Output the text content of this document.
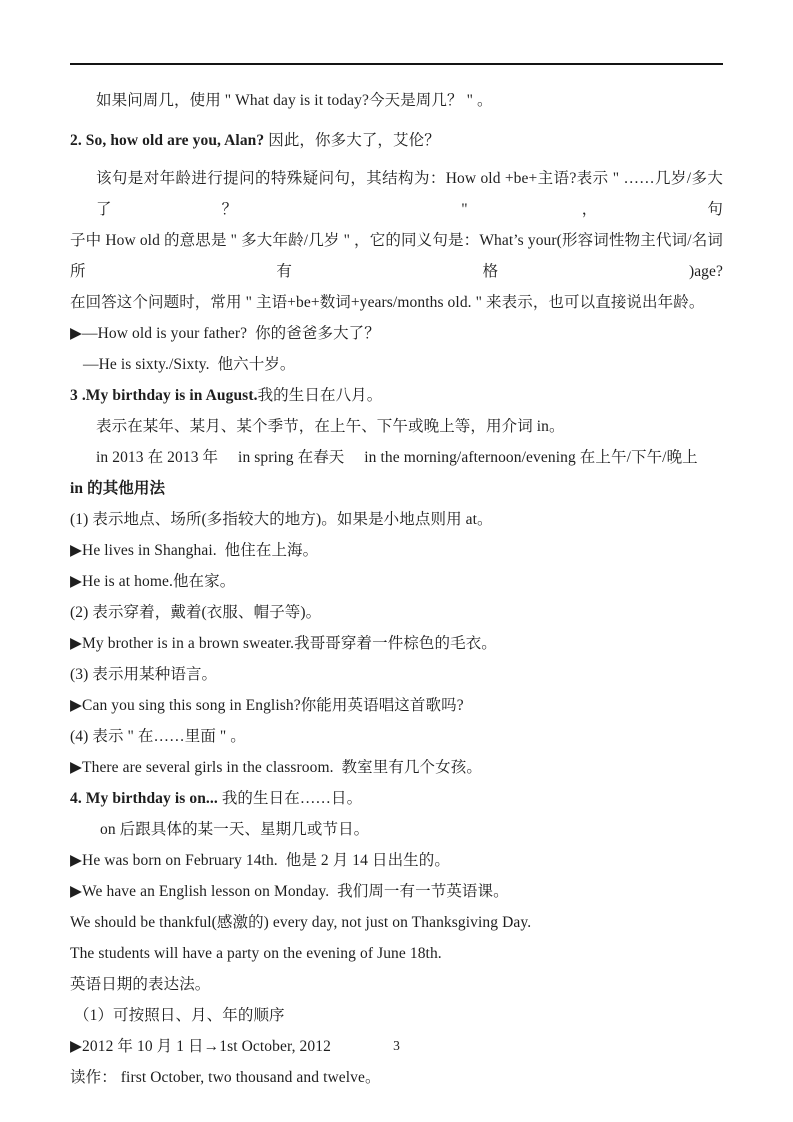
如果问周几，使用 " What day is it today?今天是周几？ " 。
2. So, how old are you, Alan? 因此，你多大了，艾伦？
该句是对年龄进行提问的特殊疑问句，其结构为：How old +be+主语?表示 " ……几岁/多大了？ " ，句
子中 How old 的意思是 " 多大年龄/几岁 " ，它的同义句是：What’s your(形容词性物主代词/名词所有格)age?
在回答这个问题时，常用 " 主语+be+数词+years/months old. " 来表示，也可以直接说出年龄。
▶—How old is your father?  你的爸爸多大了？
—He is sixty./Sixty.  他六十岁。
3 .My birthday is in August.我的生日在八月。
表示在某年、某月、某个季节，在上午、下午或晚上等，用介词 in。
in 2013 在 2013 年     in spring 在春天     in the morning/afternoon/evening 在上午/下午/晚上
in 的其他用法
(1) 表示地点、场所(多指较大的地方)。如果是小地点则用 at。
▶He lives in Shanghai.  他住在上海。
▶He is at home.他在家。
(2) 表示穿着，戴着(衣服、帽子等)。
▶My brother is in a brown sweater.我哥哥穿着一件棕色的毛衣。
(3) 表示用某种语言。
▶Can you sing this song in English?你能用英语唱这首歌吗?
(4) 表示 " 在……里面 " 。
▶There are several girls in the classroom.  教室里有几个女孩。
4. My birthday is on... 我的生日在……日。
on 后跟具体的某一天、星期几或节日。
▶He was born on February 14th.  他是 2 月 14 日出生的。
▶We have an English lesson on Monday.  我们周一有一节英语课。
We should be thankful(感激的) every day, not just on Thanksgiving Day.
The students will have a party on the evening of June 18th.
英语日期的表达法。
（1）可按照日、月、年的顺序
▶2012 年 10 月 1 日→1st October, 2012
读作： first October, two thousand and twelve。
3
